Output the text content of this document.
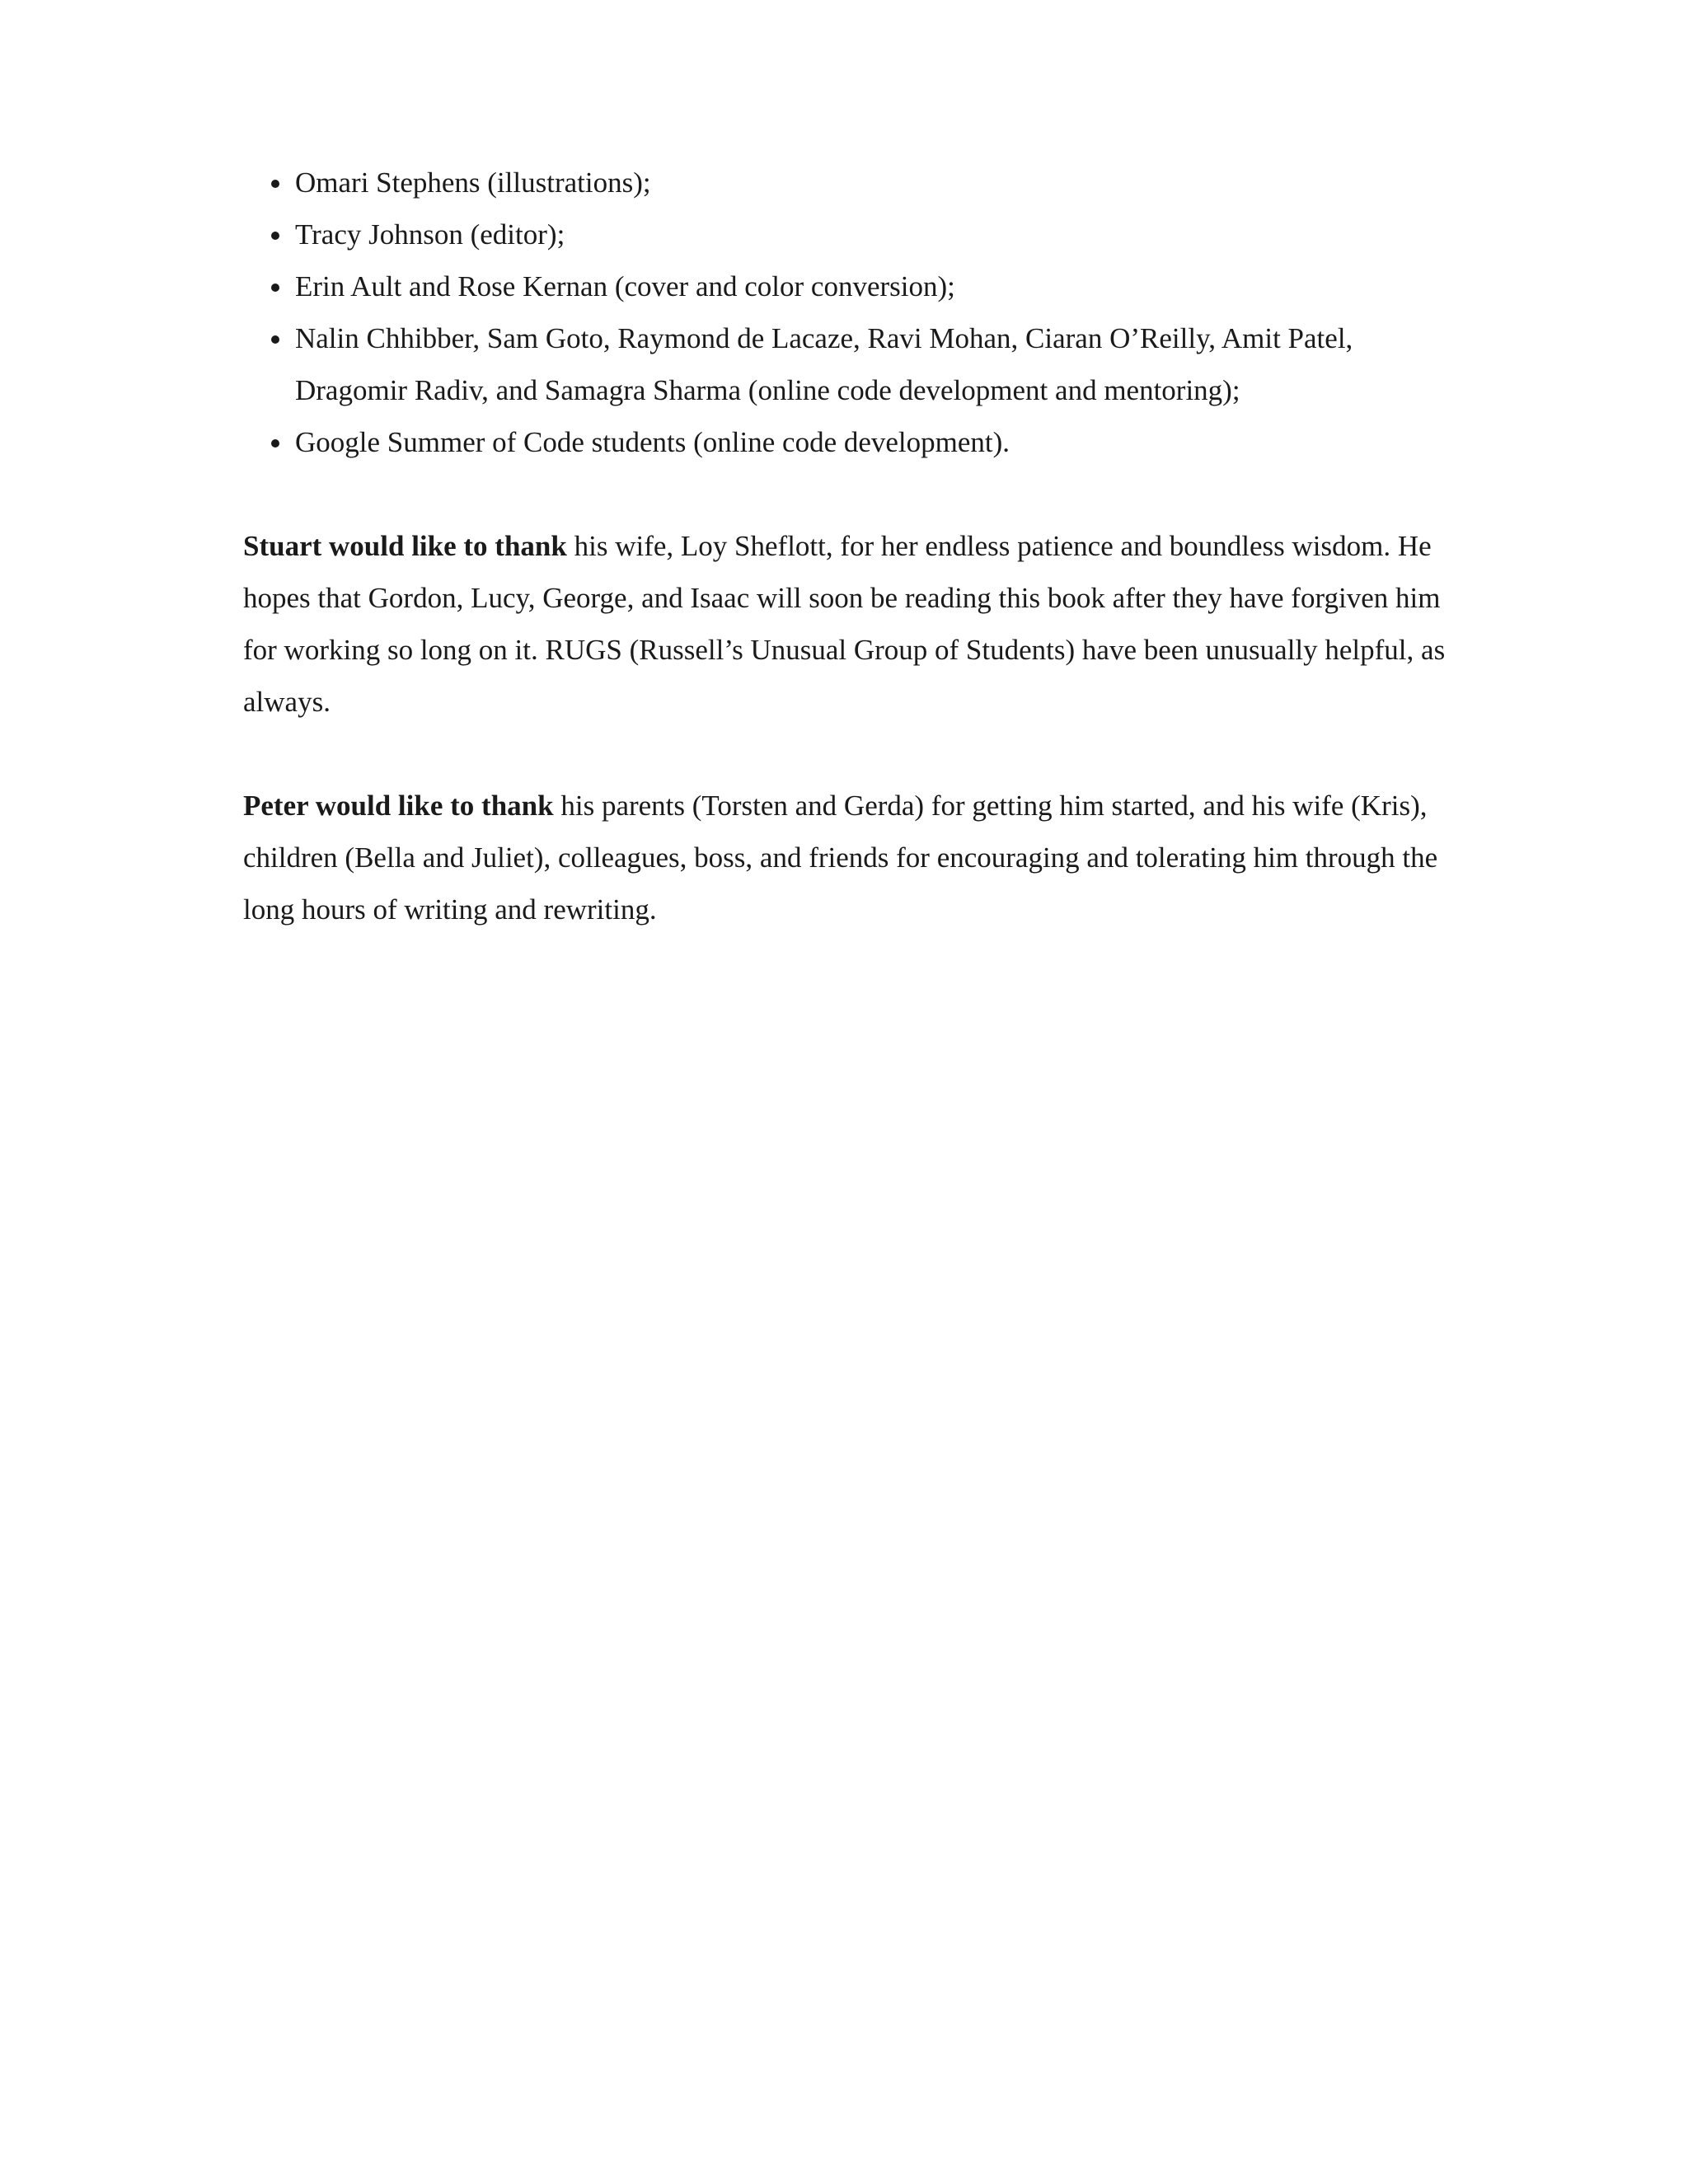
Omari Stephens (illustrations);
Tracy Johnson (editor);
Erin Ault and Rose Kernan (cover and color conversion);
Nalin Chhibber, Sam Goto, Raymond de Lacaze, Ravi Mohan, Ciaran O’Reilly, Amit Patel, Dragomir Radiv, and Samagra Sharma (online code development and mentoring);
Google Summer of Code students (online code development).

Stuart would like to thank his wife, Loy Sheflott, for her endless patience and boundless wisdom. He hopes that Gordon, Lucy, George, and Isaac will soon be reading this book after they have forgiven him for working so long on it. RUGS (Russell’s Unusual Group of Students) have been unusually helpful, as always.

Peter would like to thank his parents (Torsten and Gerda) for getting him started, and his wife (Kris), children (Bella and Juliet), colleagues, boss, and friends for encouraging and tolerating him through the long hours of writing and rewriting.
